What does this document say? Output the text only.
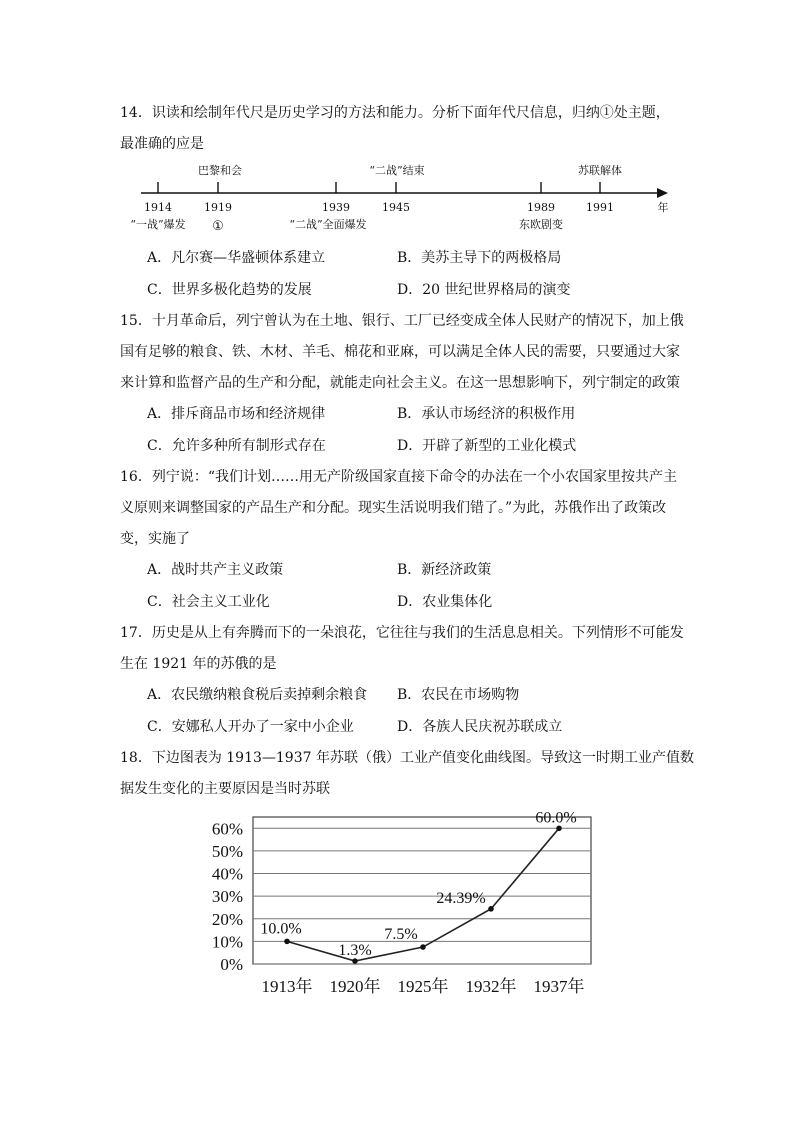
14．识读和绘制年代尺是历史学习的方法和能力。分析下面年代尺信息，归纳①处主题，
最准确的应是
巴黎和会	“二战”结束	苏联解体
1914	1919	1939	1945	1989	1991	年
“一战”爆发 ①	“二战”全面爆发	东欧剧变
A．凡尔赛—华盛顿体系建立	B．美苏主导下的两极格局
C．世界多极化趋势的发展	D．20 世纪世界格局的演变
15．十月革命后，列宁曾认为在土地、银行、工厂已经变成全体人民财产的情况下，加上俄
国有足够的粮食、铁、木材、羊毛、棉花和亚麻，可以满足全体人民的需要，只要通过大家
来计算和监督产品的生产和分配，就能走向社会主义。在这一思想影响下，列宁制定的政策
A．排斥商品市场和经济规律	B．承认市场经济的积极作用
C．允许多种所有制形式存在	D．开辟了新型的工业化模式
16．列宁说：“我们计划……用无产阶级国家直接下命令的办法在一个小农国家里按共产主
义原则来调整国家的产品生产和分配。现实生活说明我们错了。”为此，苏俄作出了政策改
变，实施了
A．战时共产主义政策	B．新经济政策
C．社会主义工业化	D．农业集体化
17．历史是从上有奔腾而下的一朵浪花，它往往与我们的生活息息相关。下列情形不可能发
生在 1921 年的苏俄的是
A．农民缴纳粮食税后卖掉剩余粮食 B．农民在市场购物
C．安娜私人开办了一家中小企业	D．各族人民庆祝苏联成立
18．下边图表为 1913—1937 年苏联（俄）工业产值变化曲线图。导致这一时期工业产值数
据发生变化的主要原因是当时苏联
0%
10%
20%
30%
40%
50%
60%
1913年 1920年 1925年 1932年 1937年
10.0%
1.3%
7.5%
24.39%
60.0%
